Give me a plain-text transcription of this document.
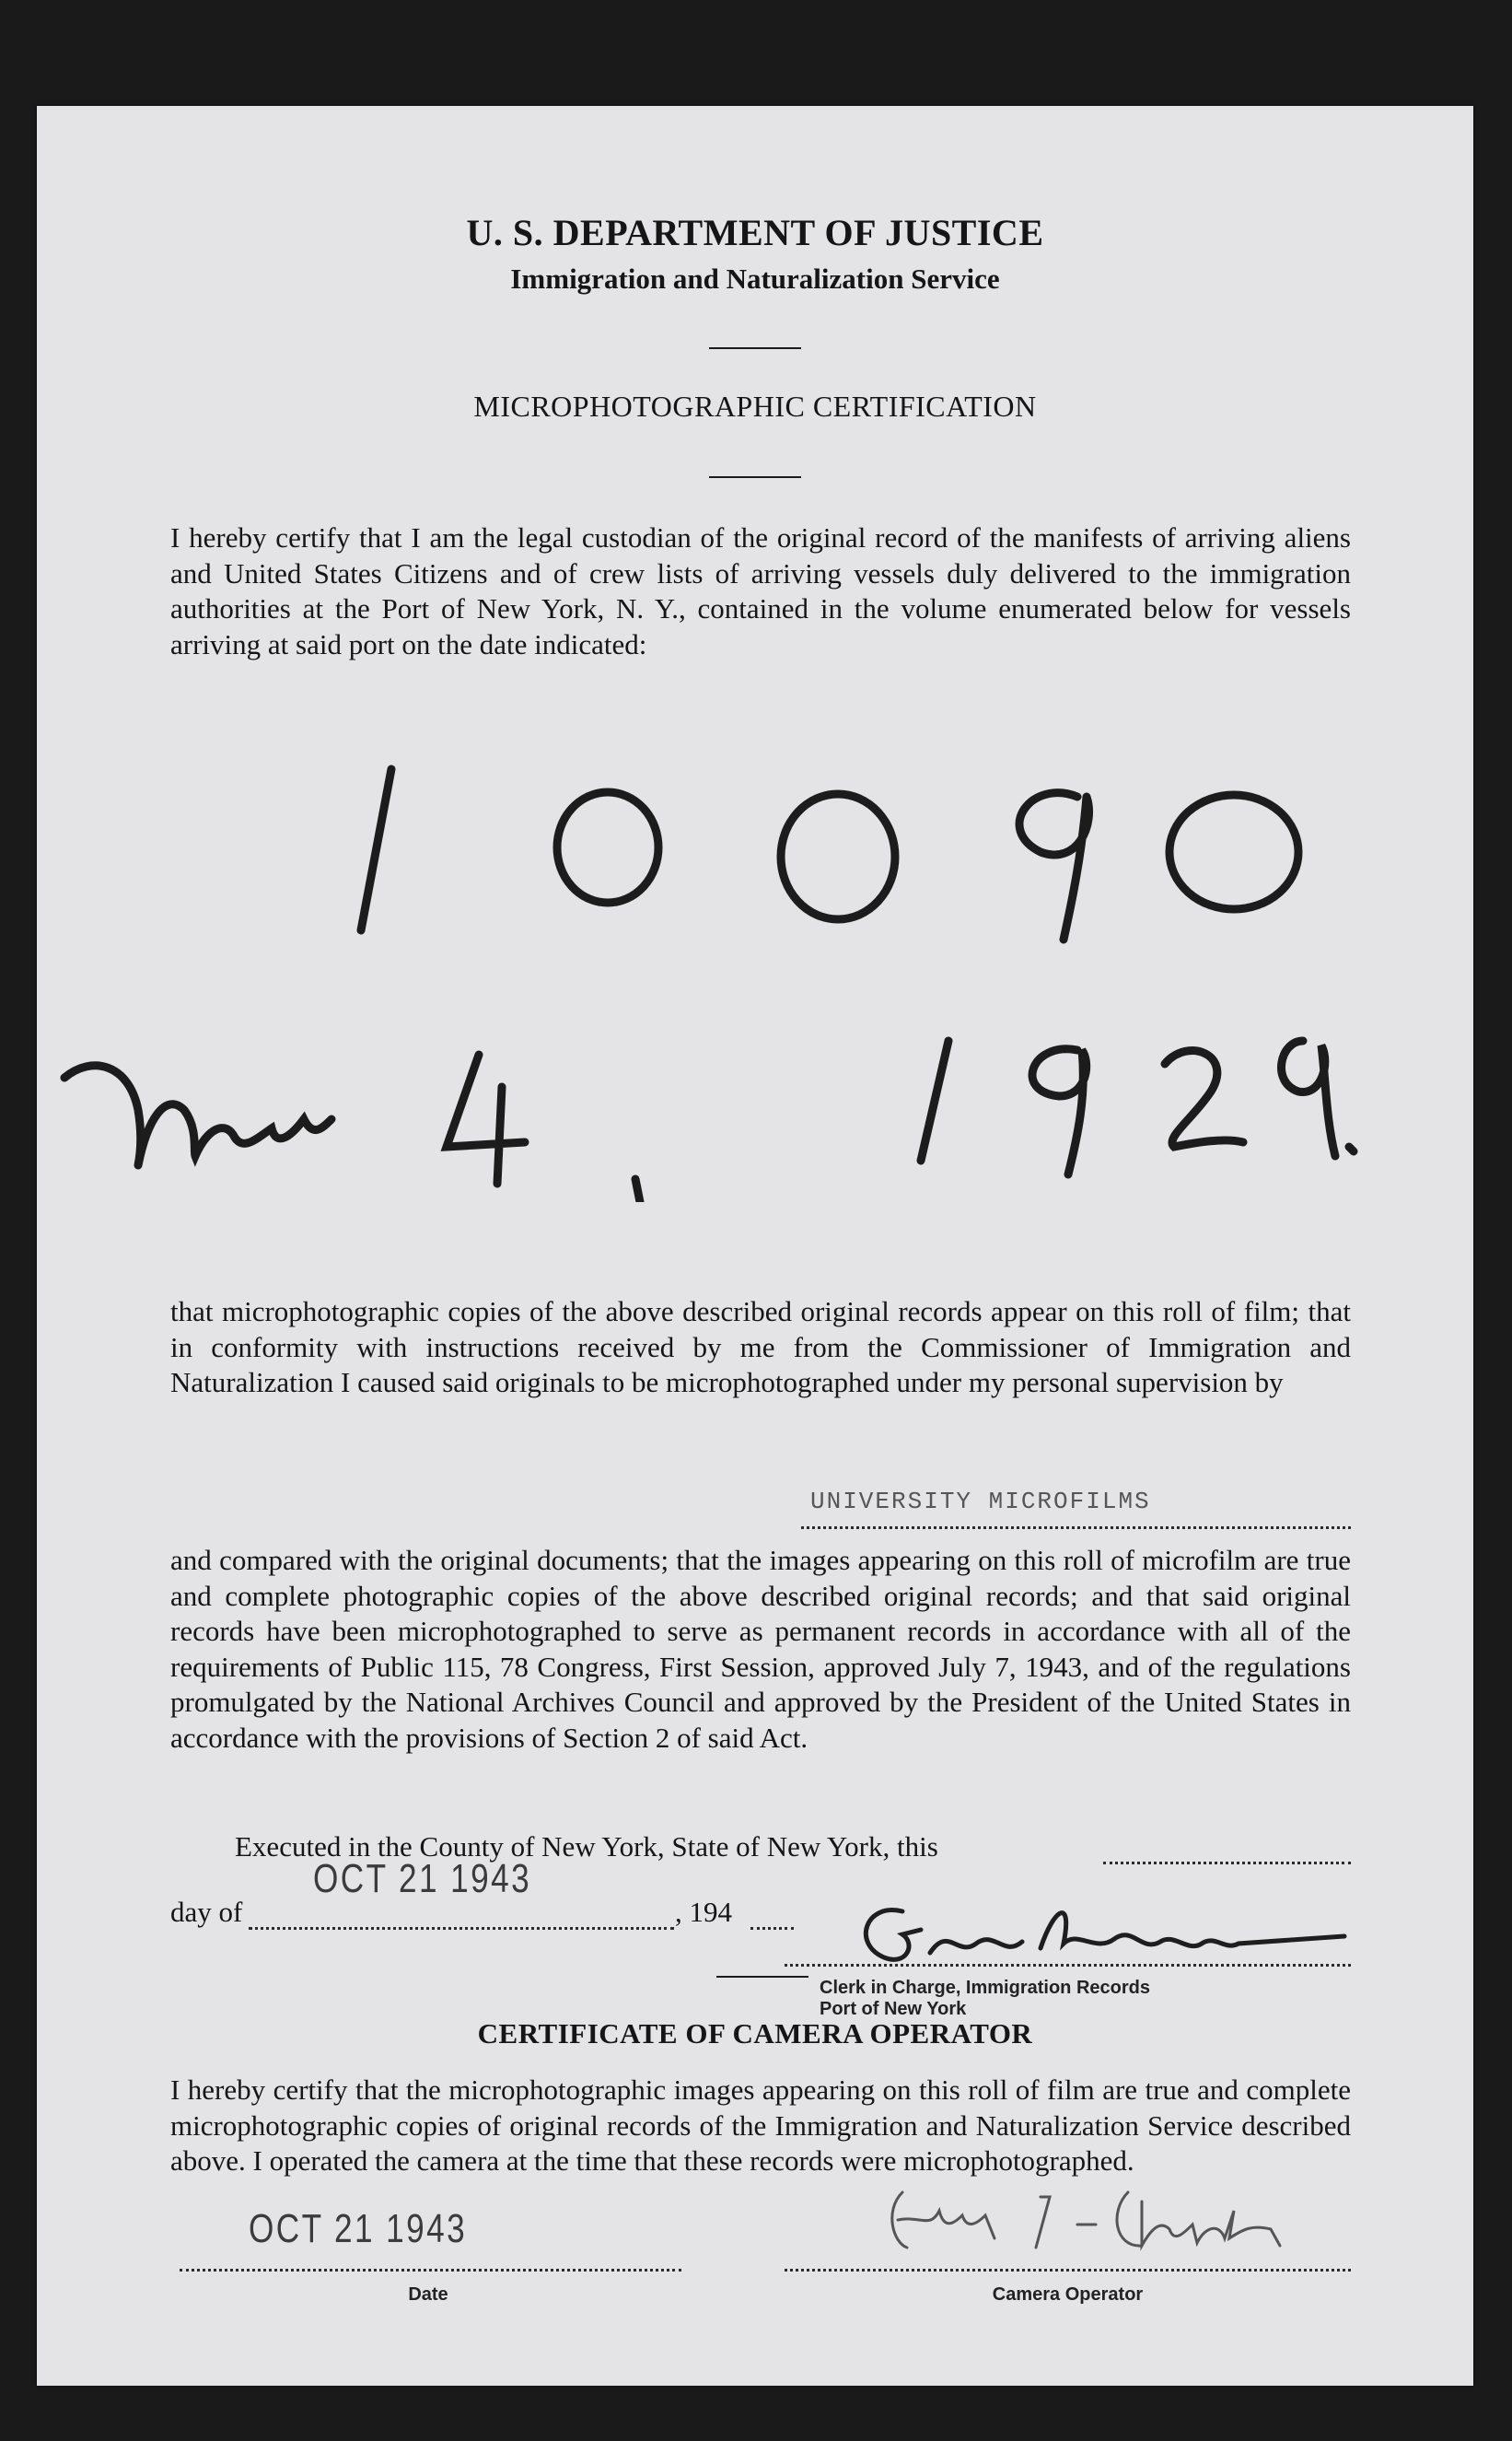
U. S. DEPARTMENT OF JUSTICE
Immigration and Naturalization Service
MICROPHOTOGRAPHIC CERTIFICATION
I hereby certify that I am the legal custodian of the original record of the manifests of arriving aliens and United States Citizens and of crew lists of arriving vessels duly delivered to the immigration authorities at the Port of New York, N. Y., contained in the volume enumerated below for vessels arriving at said port on the date indicated:
that microphotographic copies of the above described original records appear on this roll of film; that in conformity with instructions received by me from the Commissioner of Immigration and Naturalization I caused said originals to be microphotographed under my personal supervision by
UNIVERSITY MICROFILMS
and compared with the original documents; that the images appearing on this roll of microfilm are true and complete photographic copies of the above described original records; and that said original records have been microphotographed to serve as permanent records in accordance with all of the requirements of Public 115, 78 Congress, First Session, approved July 7, 1943, and of the regulations promulgated by the National Archives Council and approved by the President of the United States in accordance with the provisions of Section 2 of said Act.
Executed in the County of New York, State of New York, this
day of
OCT 21 1943
, 194
Clerk in Charge, Immigration Records
Port of New York
CERTIFICATE OF CAMERA OPERATOR
I hereby certify that the microphotographic images appearing on this roll of film are true and complete microphotographic copies of original records of the Immigration and Naturalization Service described above. I operated the camera at the time that these records were microphotographed.
OCT 21 1943
Date	Camera Operator
